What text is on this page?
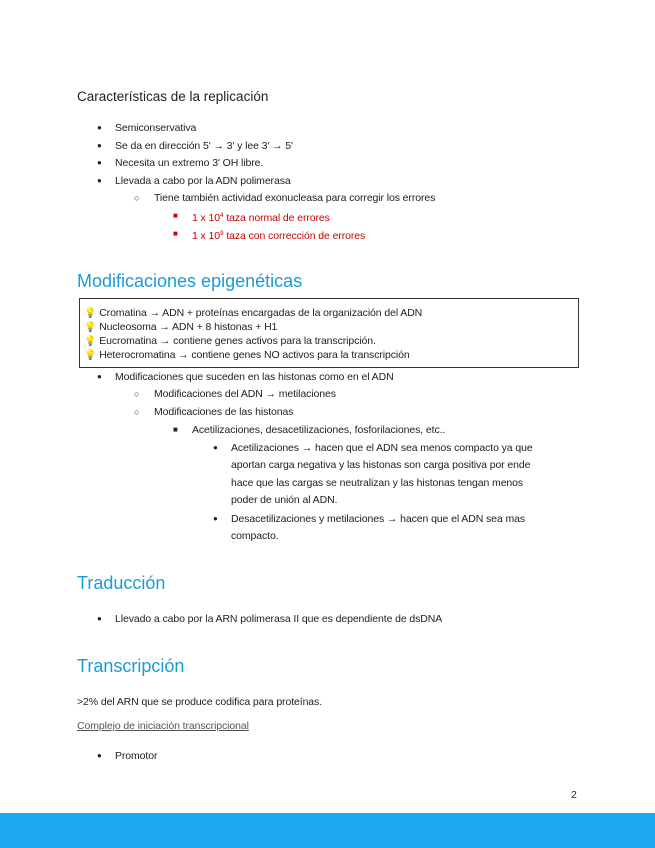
Características de la replicación
● Semiconservativa
● Se da en dirección 5' → 3' y lee 3' → 5'
● Necesita un extremo 3' OH libre.
● Llevada a cabo por la ADN polimerasa
○ Tiene también actividad exonucleasa para corregir los errores
■ 1 x $10^4$ taza normal de errores
■ 1 x $10^9$ taza con corrección de errores
Modificaciones epigenéticas
💡 Cromatina → ADN + proteínas encargadas de la organización del ADN
💡 Nucleosoma → ADN + 8 histonas + H1
💡 Eucromatina → contiene genes activos para la transcripción.
💡 Heterocromatina → contiene genes NO activos para la transcripción
● Modificaciones que suceden en las histonas como en el ADN
○ Modificaciones del ADN → metilaciones
○ Modificaciones de las histonas
■ Acetilizaciones, desacetilizaciones, fosforilaciones, etc..
● Acetilizaciones → hacen que el ADN sea menos compacto ya que
aportan carga negativa y las histonas son carga positiva por ende
hace que las cargas se neutralizan y las histonas tengan menos
poder de unión al ADN.
● Desacetilizaciones y metilaciones → hacen que el ADN sea mas
compacto.
Traducción
● Llevado a cabo por la ARN polimerasa II que es dependiente de dsDNA
Transcripción
>2% del ARN que se produce codifica para proteínas.
Complejo de iniciación transcripcional
● Promotor
2
